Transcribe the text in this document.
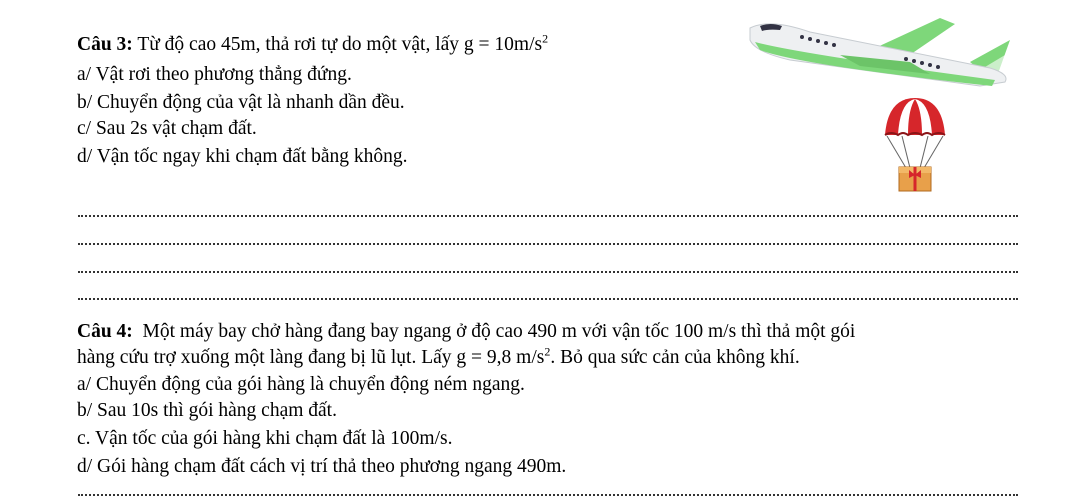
Câu 3: Từ độ cao 45m, thả rơi tự do một vật, lấy $g = 10m/s^2$
a/ Vật rơi theo phương thẳng đứng.
b/ Chuyển động của vật là nhanh dần đều.
c/ Sau 2s vật chạm đất.
d/ Vận tốc ngay khi chạm đất bằng không.
Câu 4:  Một máy bay chở hàng đang bay ngang ở độ cao 490 m với vận tốc 100 m/s thì thả một gói
hàng cứu trợ xuống một làng đang bị lũ lụt. Lấy g = 9,8 $m/s^2$. Bỏ qua sức cản của không khí.
a/ Chuyển động của gói hàng là chuyển động ném ngang.
b/ Sau 10s thì gói hàng chạm đất.
c. Vận tốc của gói hàng khi chạm đất là 100m/s.
d/ Gói hàng chạm đất cách vị trí thả theo phương ngang 490m.
